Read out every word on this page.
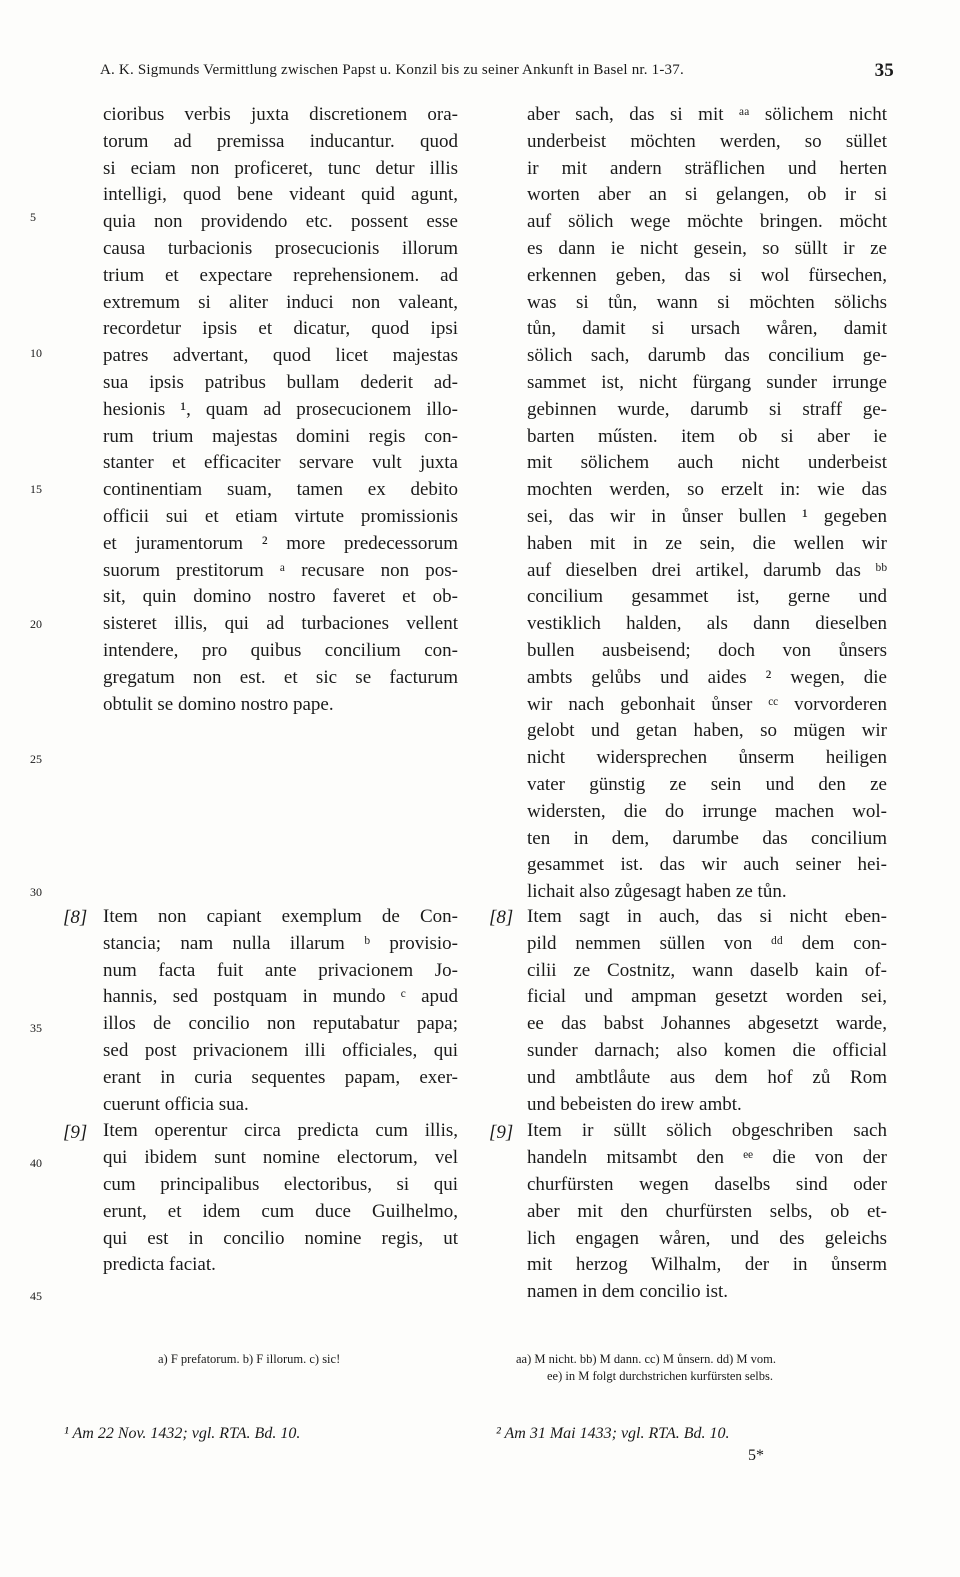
A. K. Sigmunds Vermittlung zwischen Papst u. Konzil bis zu seiner Ankunft in Basel nr. 1-37.	35
5
10
15
20
25
30
35
40
45
cioribus verbis juxta discretionem ora-
torum ad premissa inducantur. quod
si eciam non proficeret, tunc detur illis
intelligi, quod bene videant quid agunt,
quia non providendo etc. possent esse
causa turbacionis prosecucionis illorum
trium et expectare reprehensionem. ad
extremum si aliter induci non valeant,
recordetur ipsis et dicatur, quod ipsi
patres advertant, quod licet majestas
sua ipsis patribus bullam dederit ad-
hesionis ¹, quam ad prosecucionem illo-
rum trium majestas domini regis con-
stanter et efficaciter servare vult juxta
continentiam suam, tamen ex debito
officii sui et etiam virtute promissionis
et juramentorum ² more predecessorum
suorum prestitorum ᵃ recusare non pos-
sit, quin domino nostro faveret et ob-
sisteret illis, qui ad turbaciones vellent
intendere, pro quibus concilium con-
gregatum non est. et sic se facturum
obtulit se domino nostro pape.
Item non capiant exemplum de Con-
stancia; nam nulla illarum ᵇ provisio-
num facta fuit ante privacionem Jo-
hannis, sed postquam in mundo ᶜ apud
illos de concilio non reputabatur papa;
sed post privacionem illi officiales, qui
erant in curia sequentes papam, exer-
cuerunt officia sua.
Item operentur circa predicta cum illis,
qui ibidem sunt nomine electorum, vel
cum principalibus electoribus, si qui
erunt, et idem cum duce Guilhelmo,
qui est in concilio nomine regis, ut
predicta faciat.
aber sach, das si mit ᵃᵃ sölichem nicht
underbeist möchten werden, so süllet
ir mit andern sträflichen und herten
worten aber an si gelangen, ob ir si
auf sölich wege möchte bringen. möcht
es dann ie nicht gesein, so süllt ir ze
erkennen geben, das si wol fürsechen,
was si tůn, wann si möchten sölichs
tůn, damit si ursach wåren, damit
sölich sach, darumb das concilium ge-
sammet ist, nicht fürgang sunder irrunge
gebinnen wurde, darumb si straff ge-
barten műsten. item ob si aber ie
mit sölichem auch nicht underbeist
mochten werden, so erzelt in: wie das
sei, das wir in ůnser bullen ¹ gegeben
haben mit in ze sein, die wellen wir
auf dieselben drei artikel, darumb das ᵇᵇ
concilium gesammet ist, gerne und
vestiklich halden, als dann dieselben
bullen ausbeisend; doch von ůnsers
ambts gelůbs und aides ² wegen, die
wir nach gebonhait ůnser ᶜᶜ vorvorderen
gelobt und getan haben, so mügen wir
nicht widersprechen ůnserm heiligen
vater günstig ze sein und den ze
widersten, die do irrunge machen wol-
ten in dem, darumbe das concilium
gesammet ist. das wir auch seiner hei-
lichait also zůgesagt haben ze tůn.
Item sagt in auch, das si nicht eben-
pild nemmen süllen von ᵈᵈ dem con-
cilii ze Costnitz, wann daselb kain of-
ficial und ampman gesetzt worden sei,
ee das babst Johannes abgesetzt warde,
sunder darnach; also komen die official
und ambtlåute aus dem hof zů Rom
und bebeisten do irew ambt.
Item ir süllt sölich obgeschriben sach
handeln mitsambt den ᵉᵉ die von der
churfürsten wegen daselbs sind oder
aber mit den churfürsten selbs, ob et-
lich engagen wåren, und des geleichs
mit herzog Wilhalm, der in ůnserm
namen in dem concilio ist.
[8]
[9]
[8]
[9]
a) F prefatorum. b) F illorum. c) sic!	aa) M nicht. bb) M dann. cc) M ůnsern. dd) M vom.
ee) in M folgt durchstrichen kurfürsten selbs.
¹ Am 22 Nov. 1432; vgl. RTA. Bd. 10.	² Am 31 Mai 1433; vgl. RTA. Bd. 10.
5*
